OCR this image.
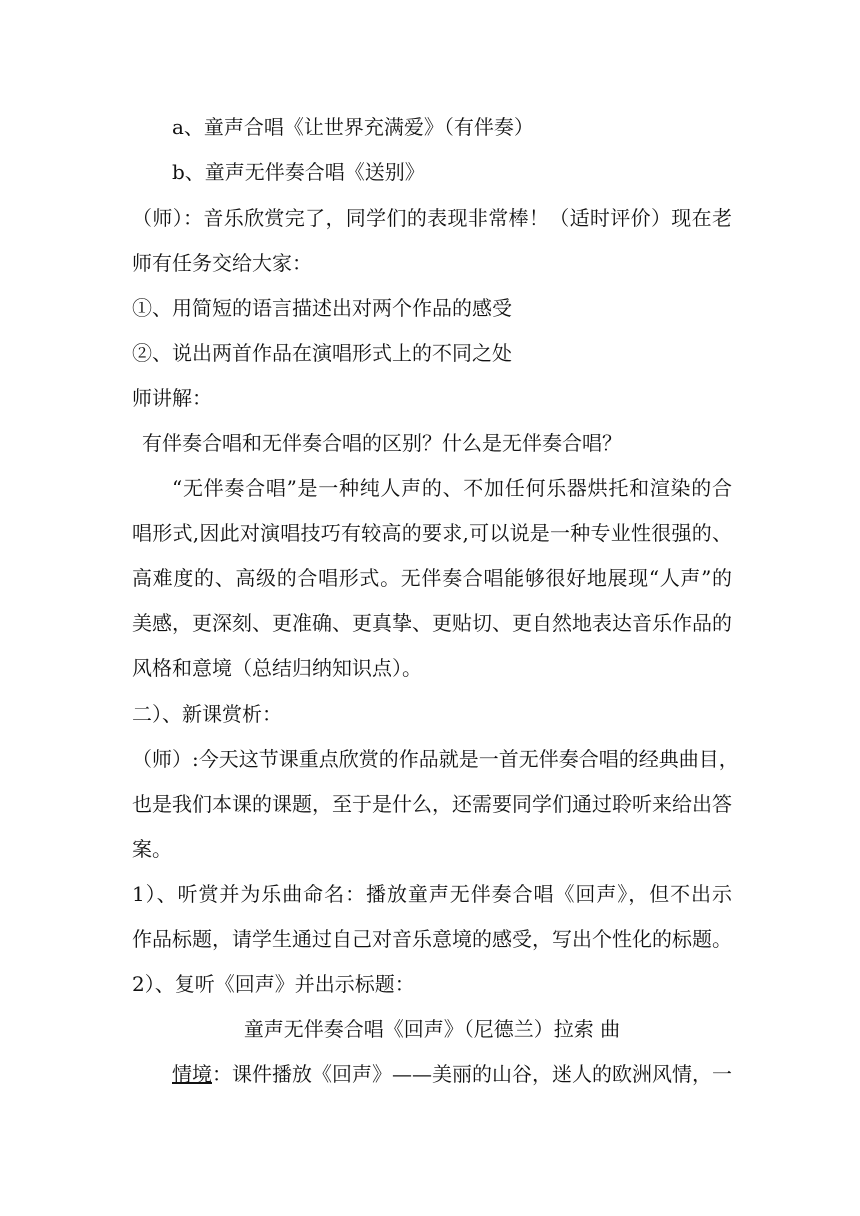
a、童声合唱《让世界充满爱》（有伴奏）
b、童声无伴奏合唱《送别》
（师）：音乐欣赏完了，同学们的表现非常棒！（适时评价）现在老
师有任务交给大家：
①、用简短的语言描述出对两个作品的感受
②、说出两首作品在演唱形式上的不同之处
师讲解：
有伴奏合唱和无伴奏合唱的区别？什么是无伴奏合唱？
“无伴奏合唱”是一种纯人声的、不加任何乐器烘托和渲染的合
唱形式,因此对演唱技巧有较高的要求,可以说是一种专业性很强的、
高难度的、高级的合唱形式。无伴奏合唱能够很好地展现“人声”的
美感，更深刻、更准确、更真挚、更贴切、更自然地表达音乐作品的
风格和意境（总结归纳知识点）。
二）、新课赏析：
（师）:今天这节课重点欣赏的作品就是一首无伴奏合唱的经典曲目，
也是我们本课的课题，至于是什么，还需要同学们通过聆听来给出答
案。
1）、听赏并为乐曲命名：播放童声无伴奏合唱《回声》，但不出示
作品标题，请学生通过自己对音乐意境的感受，写出个性化的标题。
2）、复听《回声》并出示标题：
童声无伴奏合唱《回声》（尼德兰）拉索 曲
情境：课件播放《回声》——美丽的山谷，迷人的欧洲风情，一
